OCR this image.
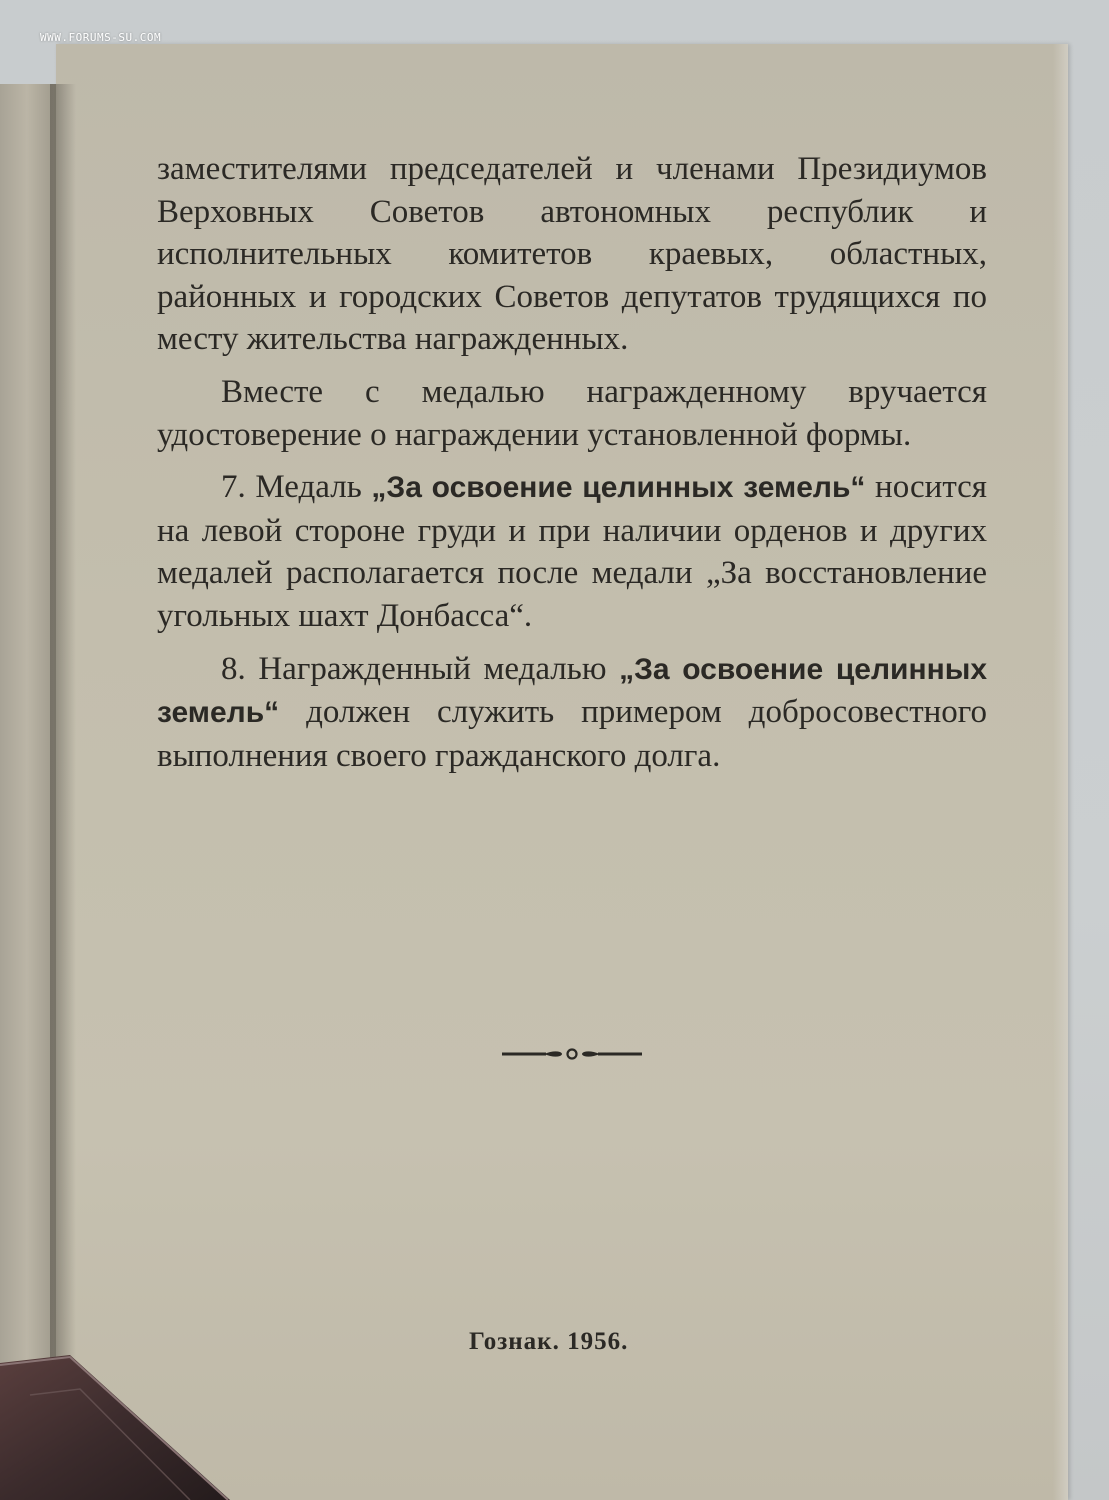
WWW.FORUMS-SU.COM

заместителями председателей и членами Президиумов Верховных Советов автономных республик и исполнительных комитетов краевых, областных, районных и городских Советов депутатов трудящихся по месту жительства награжденных.

Вместе с медалью награжденному вручается удостоверение о награждении установленной формы.

7. Медаль „За освоение целинных земель“ носится на левой стороне груди и при наличии орденов и других медалей располагается после медали „За восстановление угольных шахт Донбасса“.

8. Награжденный медалью „За освоение целинных земель“ должен служить примером добросовестного выполнения своего гражданского долга.

Гознак. 1956.
